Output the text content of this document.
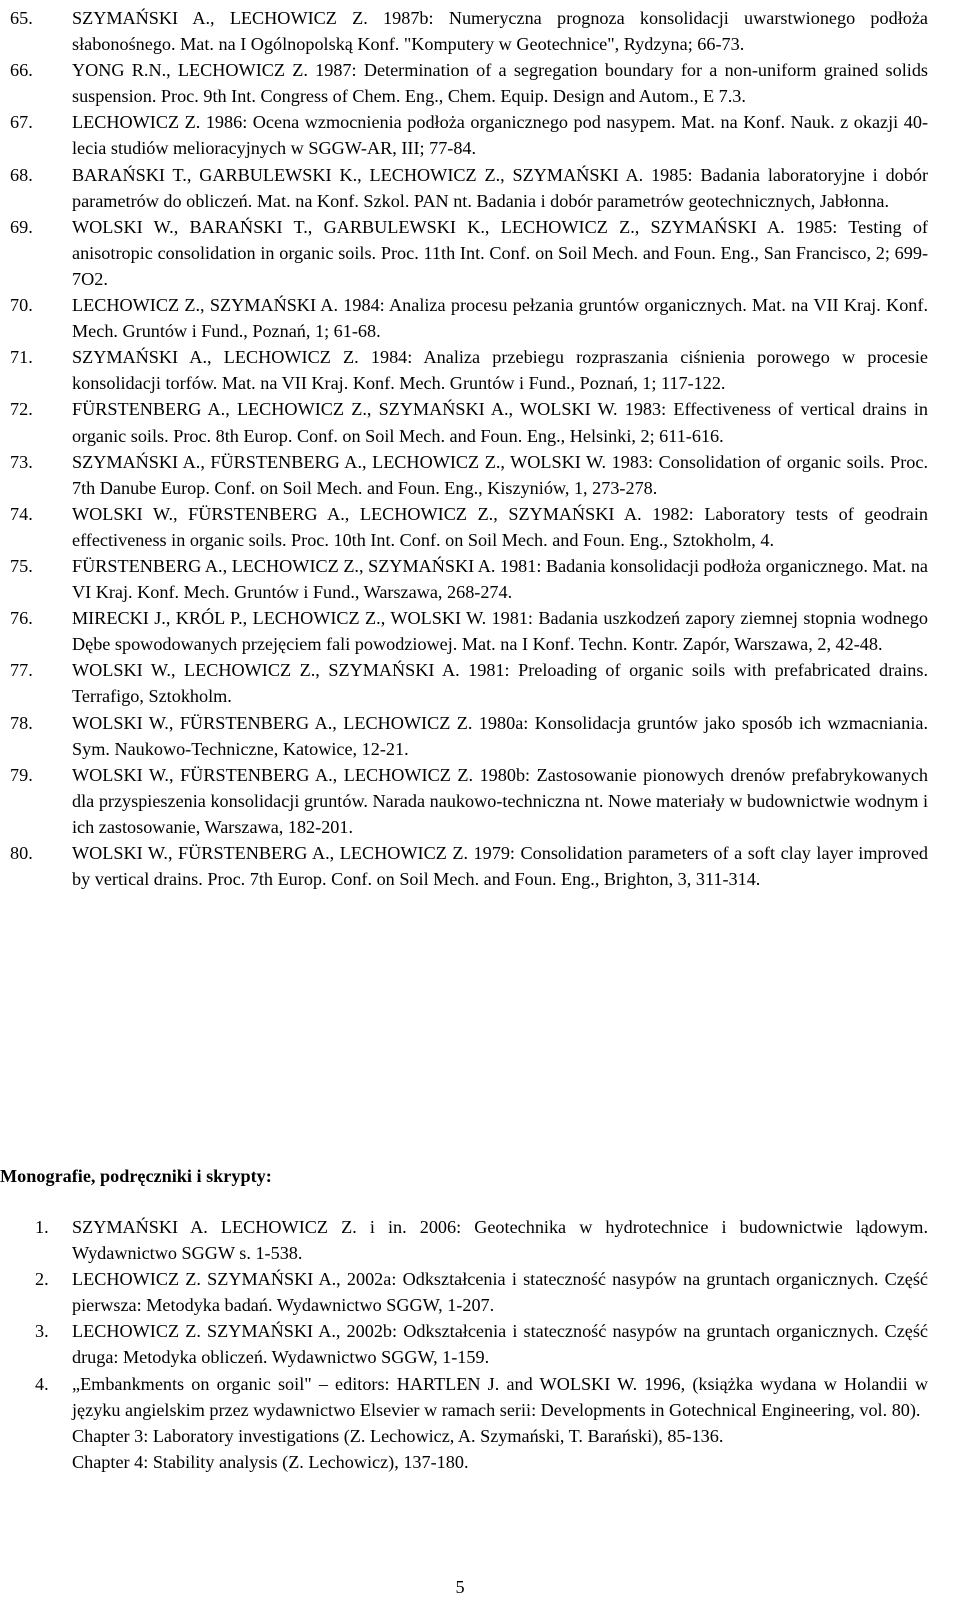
65. SZYMAŃSKI A., LECHOWICZ Z. 1987b: Numeryczna prognoza konsolidacji uwarstwionego podłoża słabonośnego. Mat. na I Ogólnopolską Konf. "Komputery w Geotechnice", Rydzyna; 66-73.
66. YONG R.N., LECHOWICZ Z. 1987: Determination of a segregation boundary for a non-uniform grained solids suspension. Proc. 9th Int. Congress of Chem. Eng., Chem. Equip. Design and Autom., E 7.3.
67. LECHOWICZ Z. 1986: Ocena wzmocnienia podłoża organicznego pod nasypem. Mat. na Konf. Nauk. z okazji 40-lecia studiów melioracyjnych w SGGW-AR, III; 77-84.
68. BARAŃSKI T., GARBULEWSKI K., LECHOWICZ Z., SZYMAŃSKI A. 1985: Badania laboratoryjne i dobór parametrów do obliczeń. Mat. na Konf. Szkol. PAN nt. Badania i dobór parametrów geotechnicznych, Jabłonna.
69. WOLSKI W., BARAŃSKI T., GARBULEWSKI K., LECHOWICZ Z., SZYMAŃSKI A. 1985: Testing of anisotropic consolidation in organic soils. Proc. 11th Int. Conf. on Soil Mech. and Foun. Eng., San Francisco, 2; 699-7O2.
70. LECHOWICZ Z., SZYMAŃSKI A. 1984: Analiza procesu pełzania gruntów organicznych. Mat. na VII Kraj. Konf. Mech. Gruntów i Fund., Poznań, 1; 61-68.
71. SZYMAŃSKI A., LECHOWICZ Z. 1984: Analiza przebiegu rozpraszania ciśnienia porowego w procesie konsolidacji torfów. Mat. na VII Kraj. Konf. Mech. Gruntów i Fund., Poznań, 1; 117-122.
72. FÜRSTENBERG A., LECHOWICZ Z., SZYMAŃSKI A., WOLSKI W. 1983: Effectiveness of vertical drains in organic soils. Proc. 8th Europ. Conf. on Soil Mech. and Foun. Eng., Helsinki, 2; 611-616.
73. SZYMAŃSKI A., FÜRSTENBERG A., LECHOWICZ Z., WOLSKI W. 1983: Consolidation of organic soils. Proc. 7th Danube Europ. Conf. on Soil Mech. and Foun. Eng., Kiszyniów, 1, 273-278.
74. WOLSKI W., FÜRSTENBERG A., LECHOWICZ Z., SZYMAŃSKI A. 1982: Laboratory tests of geodrain effectiveness in organic soils. Proc. 10th Int. Conf. on Soil Mech. and Foun. Eng., Sztokholm, 4.
75. FÜRSTENBERG A., LECHOWICZ Z., SZYMAŃSKI A. 1981: Badania konsolidacji podłoża organicznego. Mat. na VI Kraj. Konf. Mech. Gruntów i Fund., Warszawa, 268-274.
76. MIRECKI J., KRÓL P., LECHOWICZ Z., WOLSKI W. 1981: Badania uszkodzeń zapory ziemnej stopnia wodnego Dębe spowodowanych przejęciem fali powodziowej. Mat. na I Konf. Techn. Kontr. Zapór, Warszawa, 2, 42-48.
77. WOLSKI W., LECHOWICZ Z., SZYMAŃSKI A. 1981: Preloading of organic soils with prefabricated drains. Terrafigo, Sztokholm.
78. WOLSKI W., FÜRSTENBERG A., LECHOWICZ Z. 1980a: Konsolidacja gruntów jako sposób ich wzmacniania. Sym. Naukowo-Techniczne, Katowice, 12-21.
79. WOLSKI W., FÜRSTENBERG A., LECHOWICZ Z. 1980b: Zastosowanie pionowych drenów prefabrykowanych dla przyspieszenia konsolidacji gruntów. Narada naukowo-techniczna nt. Nowe materiały w budownictwie wodnym i ich zastosowanie, Warszawa, 182-201.
80. WOLSKI W., FÜRSTENBERG A., LECHOWICZ Z. 1979: Consolidation parameters of a soft clay layer improved by vertical drains. Proc. 7th Europ. Conf. on Soil Mech. and Foun. Eng., Brighton, 3, 311-314.
Monografie, podręczniki i skrypty:
1. SZYMAŃSKI A. LECHOWICZ Z. i in. 2006: Geotechnika w hydrotechnice i budownictwie lądowym. Wydawnictwo SGGW s. 1-538.
2. LECHOWICZ Z. SZYMAŃSKI A., 2002a: Odkształcenia i stateczność nasypów na gruntach organicznych. Część pierwsza: Metodyka badań. Wydawnictwo SGGW, 1-207.
3. LECHOWICZ Z. SZYMAŃSKI A., 2002b: Odkształcenia i stateczność nasypów na gruntach organicznych. Część druga: Metodyka obliczeń. Wydawnictwo SGGW, 1-159.
4. „Embankments on organic soil" – editors: HARTLEN J. and WOLSKI W. 1996, (książka wydana w Holandii w języku angielskim przez wydawnictwo Elsevier w ramach serii: Developments in Gotechnical Engineering, vol. 80).
Chapter 3: Laboratory investigations (Z. Lechowicz, A. Szymański, T. Barański), 85-136.
Chapter 4: Stability analysis (Z. Lechowicz), 137-180.
5
